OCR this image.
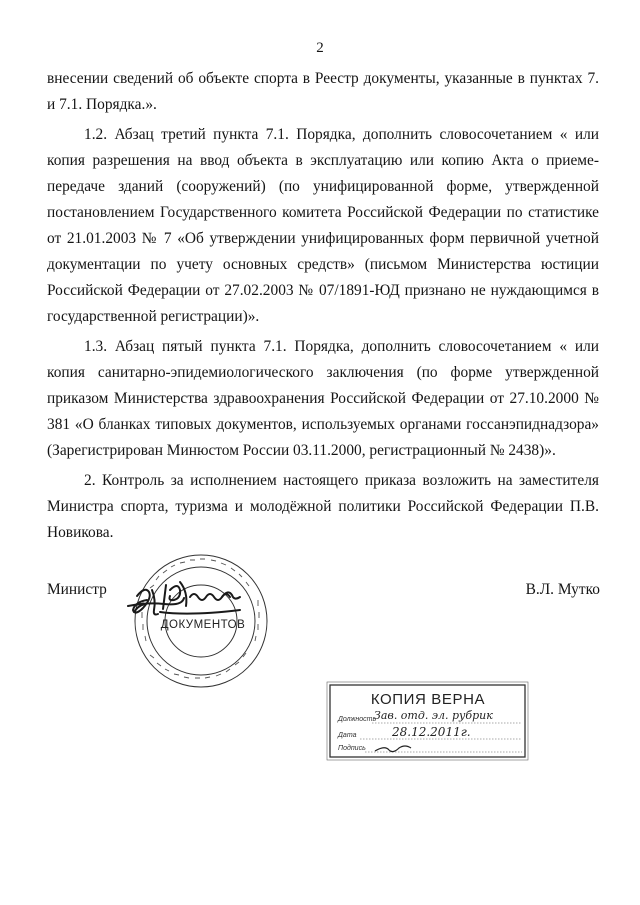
2

внесении сведений об объекте спорта в Реестр документы, указанные в пунктах 7. и 7.1. Порядка.».

1.2. Абзац третий пункта 7.1. Порядка, дополнить словосочетанием « или копия разрешения на ввод объекта в эксплуатацию или копию Акта о приеме-передаче зданий (сооружений) (по унифицированной форме, утвержденной постановлением Государственного комитета Российской Федерации по статистике от 21.01.2003 № 7 «Об утверждении унифицированных форм первичной учетной документации по учету основных средств» (письмом Министерства юстиции Российской Федерации от 27.02.2003 № 07/1891-ЮД признано не нуждающимся в государственной регистрации)».

1.3. Абзац пятый пункта 7.1. Порядка, дополнить словосочетанием « или копия санитарно-эпидемиологического заключения (по форме утвержденной приказом Министерства здравоохранения Российской Федерации от 27.10.2000 № 381 «О бланках типовых документов, используемых органами госсанэпиднадзора» (Зарегистрирован Минюстом России 03.11.2000, регистрационный № 2438)».

2. Контроль за исполнением настоящего приказа возложить на заместителя Министра спорта, туризма и молодёжной политики Российской Федерации П.В. Новикова.

Министр	В.Л. Мутко
ДОКУМЕНТОВ
КОПИЯ ВЕРНА
Должность
Зав. отд. эл. рубрик
Дата	28.12.2011г.
Подпись
